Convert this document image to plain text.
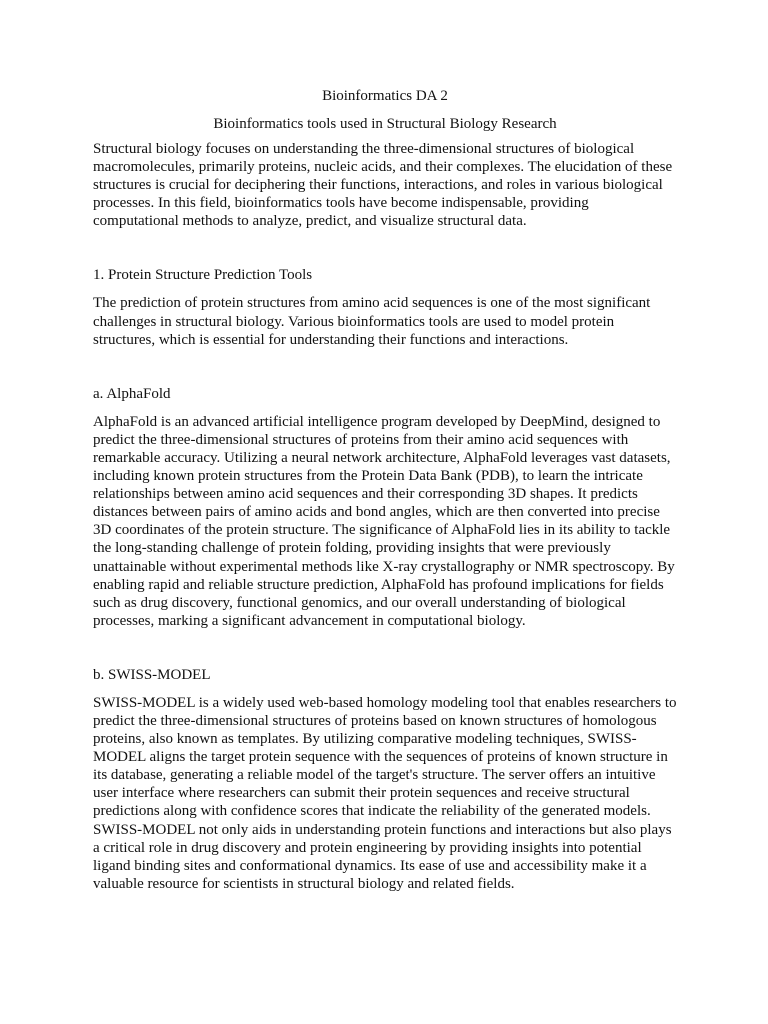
Bioinformatics DA 2
Bioinformatics tools used in Structural Biology Research

Structural biology focuses on understanding the three-dimensional structures of biological macromolecules, primarily proteins, nucleic acids, and their complexes. The elucidation of these structures is crucial for deciphering their functions, interactions, and roles in various biological processes. In this field, bioinformatics tools have become indispensable, providing computational methods to analyze, predict, and visualize structural data.

1. Protein Structure Prediction Tools

The prediction of protein structures from amino acid sequences is one of the most significant challenges in structural biology. Various bioinformatics tools are used to model protein structures, which is essential for understanding their functions and interactions.

a. AlphaFold

AlphaFold is an advanced artificial intelligence program developed by DeepMind, designed to predict the three-dimensional structures of proteins from their amino acid sequences with remarkable accuracy. Utilizing a neural network architecture, AlphaFold leverages vast datasets, including known protein structures from the Protein Data Bank (PDB), to learn the intricate relationships between amino acid sequences and their corresponding 3D shapes. It predicts distances between pairs of amino acids and bond angles, which are then converted into precise 3D coordinates of the protein structure. The significance of AlphaFold lies in its ability to tackle the long-standing challenge of protein folding, providing insights that were previously unattainable without experimental methods like X-ray crystallography or NMR spectroscopy. By enabling rapid and reliable structure prediction, AlphaFold has profound implications for fields such as drug discovery, functional genomics, and our overall understanding of biological processes, marking a significant advancement in computational biology.

b. SWISS-MODEL

SWISS-MODEL is a widely used web-based homology modeling tool that enables researchers to predict the three-dimensional structures of proteins based on known structures of homologous proteins, also known as templates. By utilizing comparative modeling techniques, SWISS-MODEL aligns the target protein sequence with the sequences of proteins of known structure in its database, generating a reliable model of the target's structure. The server offers an intuitive user interface where researchers can submit their protein sequences and receive structural predictions along with confidence scores that indicate the reliability of the generated models. SWISS-MODEL not only aids in understanding protein functions and interactions but also plays a critical role in drug discovery and protein engineering by providing insights into potential ligand binding sites and conformational dynamics. Its ease of use and accessibility make it a valuable resource for scientists in structural biology and related fields.
